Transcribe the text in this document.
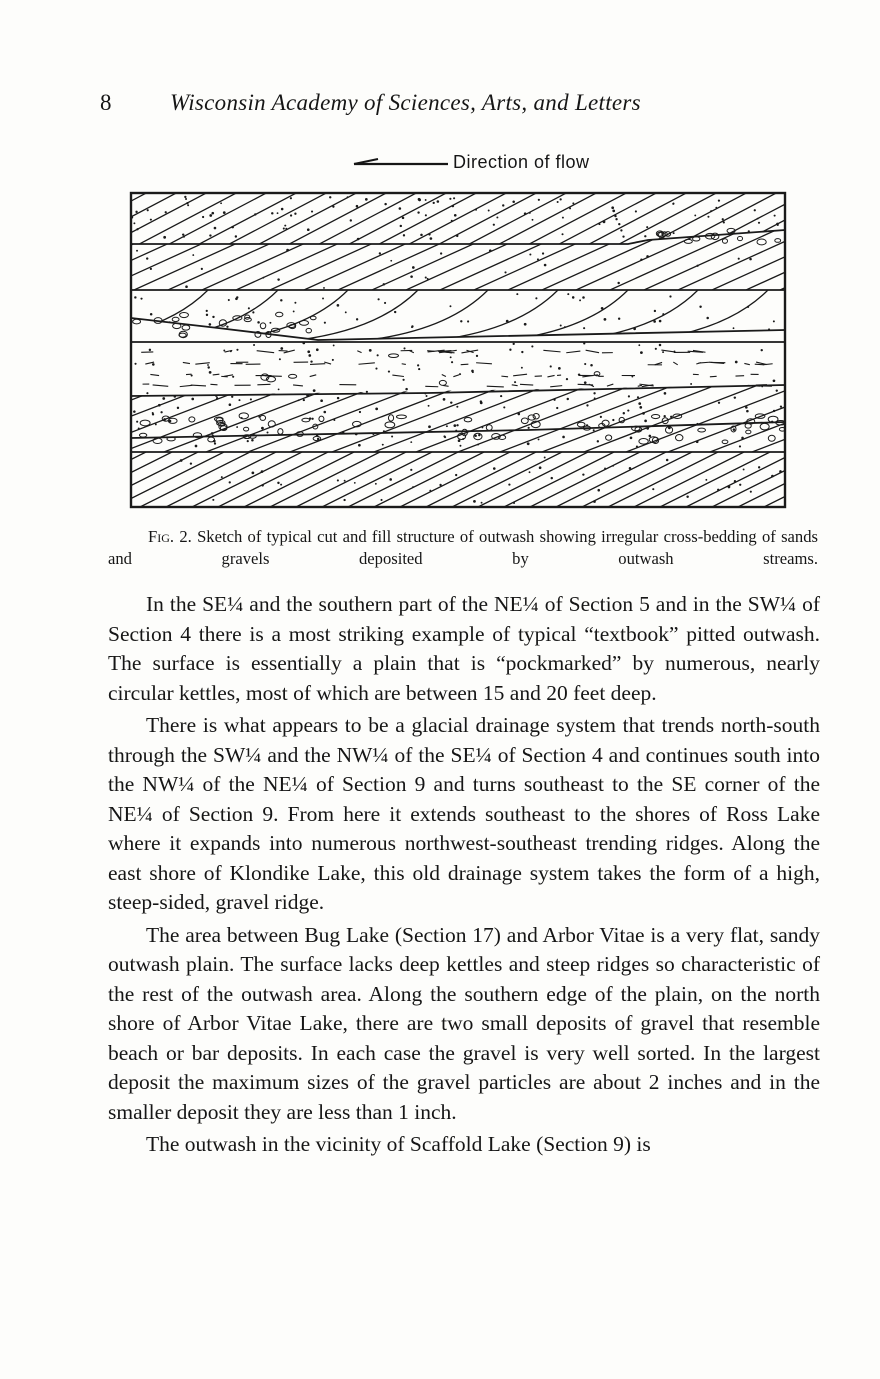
8	Wisconsin Academy of Sciences, Arts, and Letters
Direction of flow
Fig. 2. Sketch of typical cut and fill structure of outwash showing irregular cross-bedding of sands and gravels deposited by outwash streams.

In the SE¼ and the southern part of the NE¼ of Section 5 and in the SW¼ of Section 4 there is a most striking example of typical “textbook” pitted outwash. The surface is essentially a plain that is “pockmarked” by numerous, nearly circular kettles, most of which are between 15 and 20 feet deep.

There is what appears to be a glacial drainage system that trends north-south through the SW¼ and the NW¼ of the SE¼ of Section 4 and continues south into the NW¼ of the NE¼ of Section 9 and turns southeast to the SE corner of the NE¼ of Section 9. From here it extends southeast to the shores of Ross Lake where it expands into numerous northwest-southeast trending ridges. Along the east shore of Klondike Lake, this old drainage system takes the form of a high, steep-sided, gravel ridge.

The area between Bug Lake (Section 17) and Arbor Vitae is a very flat, sandy outwash plain. The surface lacks deep kettles and steep ridges so characteristic of the rest of the outwash area. Along the southern edge of the plain, on the north shore of Arbor Vitae Lake, there are two small deposits of gravel that resemble beach or bar deposits. In each case the gravel is very well sorted. In the largest deposit the maximum sizes of the gravel particles are about 2 inches and in the smaller deposit they are less than 1 inch.

The outwash in the vicinity of Scaffold Lake (Section 9) is
